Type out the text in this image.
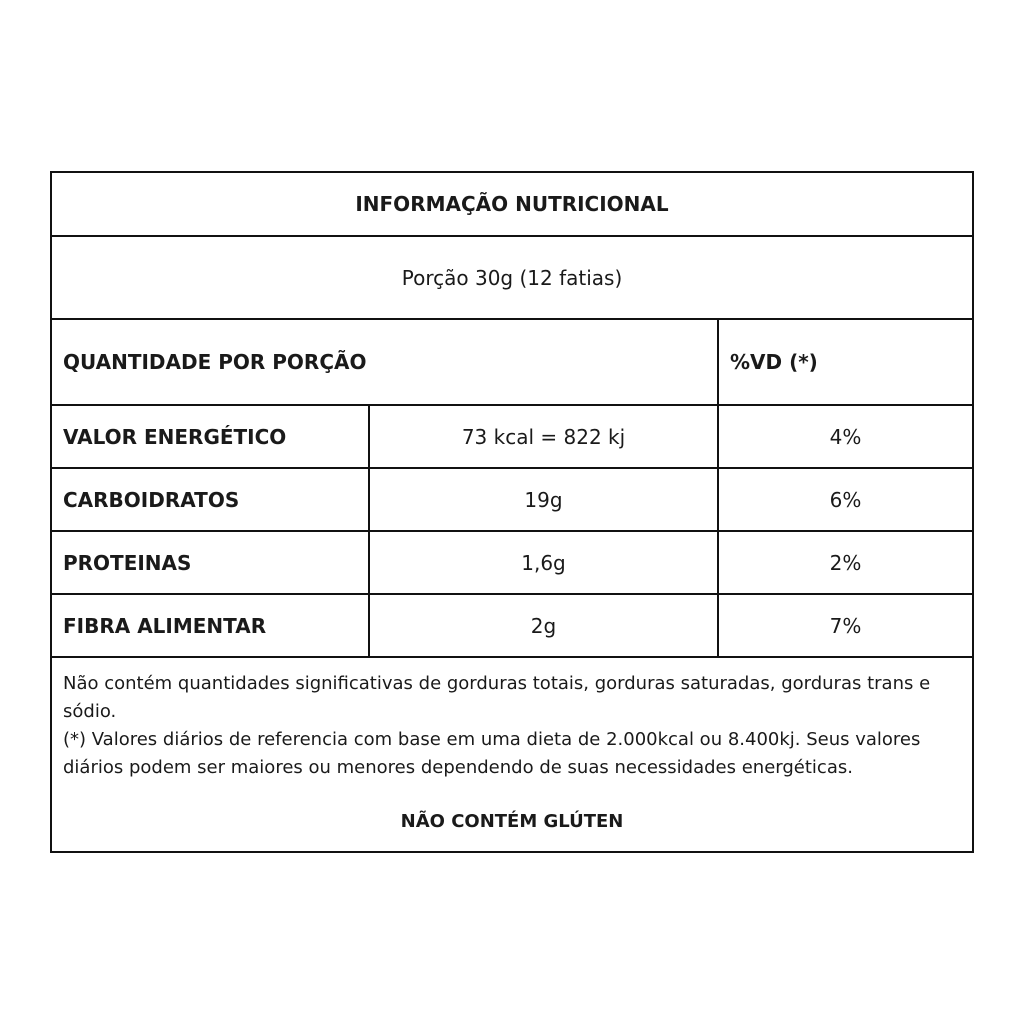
INFORMAÇÃO NUTRICIONAL
Porção 30g (12 fatias)
QUANTIDADE POR PORÇÃO	%VD (*)
VALOR ENERGÉTICO	73 kcal = 822 kj	4%
CARBOIDRATOS	19g	6%
PROTEINAS	1,6g	2%
FIBRA ALIMENTAR	2g	7%

Não contém quantidades significativas de gorduras totais, gorduras saturadas, gorduras trans e sódio.

(*) Valores diários de referencia com base em uma dieta de 2.000kcal ou 8.400kj. Seus valores diários podem ser maiores ou menores dependendo de suas necessidades energéticas.

NÃO CONTÉM GLÚTEN
